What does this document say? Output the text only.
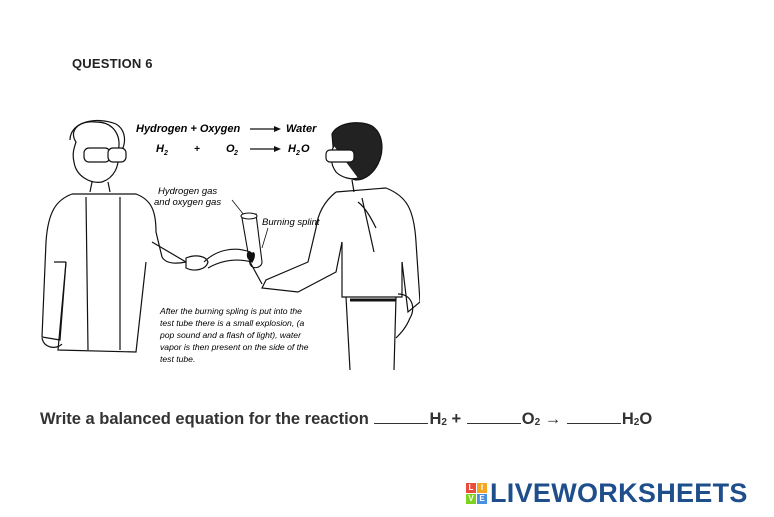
QUESTION 6
Hydrogen + Oxygen	Water
H 2	+ O 2	H 2 O
Hydrogen gas
and oxygen gas
Burning splint
After the burning spling is put into the
test tube there is a small explosion, (a
pop sound and a flash of light), water
vapor is then present on the side of the
test tube.
Write a balanced equation for the reaction	H2 +	O2 →	H2O
L I
V E LIVEWORKSHEETS
